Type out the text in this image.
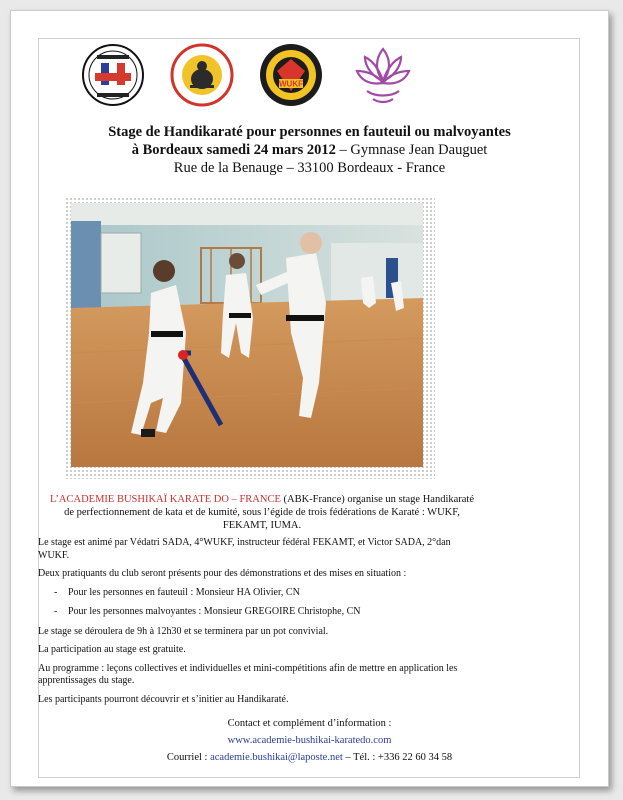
WUKF
Stage de Handikaraté pour personnes en fauteuil ou malvoyantes
à Bordeaux samedi 24 mars 2012 – Gymnase Jean Dauguet
Rue de la Benauge – 33100 Bordeaux - France
L’ACADEMIE BUSHIKAÏ KARATE DO – FRANCE (ABK-France) organise un stage Handikaraté de perfectionnement de kata et de kumité, sous l’égide de trois fédérations de Karaté : WUKF, FEKAMT, IUMA.

Le stage est animé par Védatri SADA, 4°WUKF, instructeur fédéral FEKAMT, et Victor SADA, 2°dan WUKF.

Deux pratiquants du club seront présents pour des démonstrations et des mises en situation :

- Pour les personnes en fauteuil : Monsieur HA Olivier, CN
- Pour les personnes malvoyantes : Monsieur GREGOIRE Christophe, CN

Le stage se déroulera de 9h à 12h30 et se terminera par un pot convivial.

La participation au stage est gratuite.

Au programme : leçons collectives et individuelles et mini-compétitions afin de mettre en application les apprentissages du stage.

Les participants pourront découvrir et s’initier au Handikaraté.

Contact et complément d’information :
www.academie-bushikai-karatedo.com
Courriel : academie.bushikai@laposte.net – Tél. : +336 22 60 34 58
